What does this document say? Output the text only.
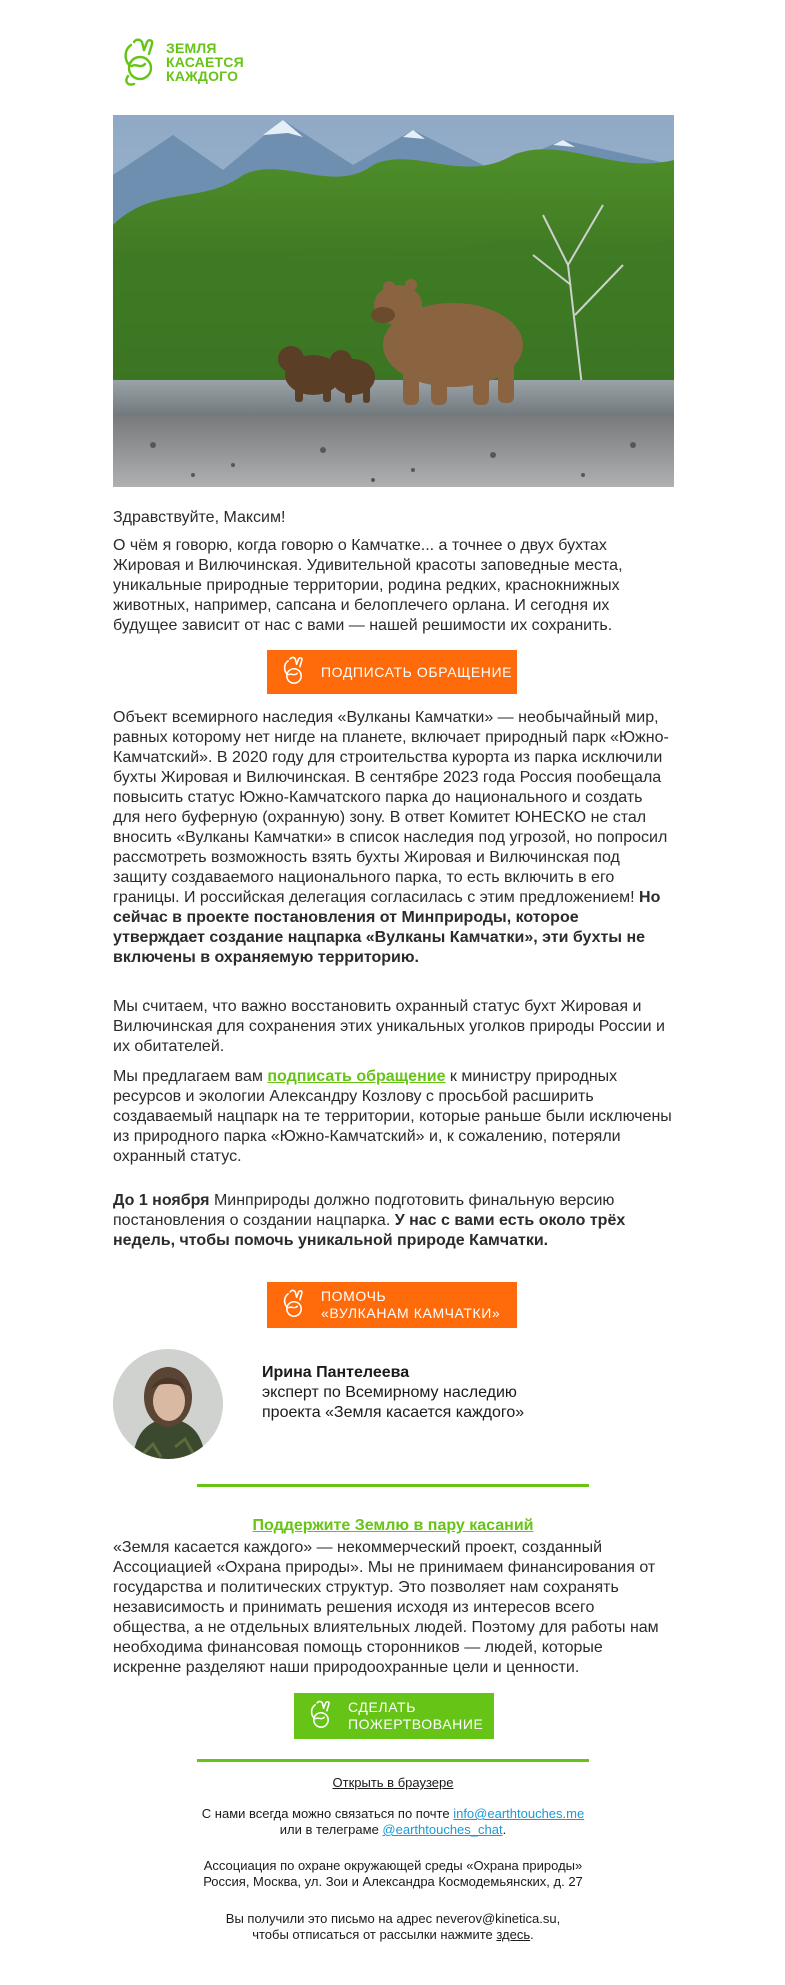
ЗЕМЛЯ
КАСАЕТСЯ
КАЖДОГО
Здравствуйте, Максим!
О чём я говорю, когда говорю о Камчатке... а точнее о двух бухтах Жировая и Вилючинская. Удивительной красоты заповедные места, уникальные природные территории, родина редких, краснокнижных животных, например, сапсана и белоплечего орлана. И сегодня их будущее зависит от нас с вами — нашей решимости их сохранить.
ПОДПИСАТЬ ОБРАЩЕНИЕ
Объект всемирного наследия «Вулканы Камчатки» — необычайный мир, равных которому нет нигде на планете, включает природный парк «Южно-Камчатский». В 2020 году для строительства курорта из парка исключили бухты Жировая и Вилючинская. В сентябре 2023 года Россия пообещала повысить статус Южно-Камчатского парка до национального и создать для него буферную (охранную) зону. В ответ Комитет ЮНЕСКО не стал вносить «Вулканы Камчатки» в список наследия под угрозой, но попросил рассмотреть возможность взять бухты Жировая и Вилючинская под защиту создаваемого национального парка, то есть включить в его границы. И российская делегация согласилась с этим предложением! Но сейчас в проекте постановления от Минприроды, которое утверждает создание нацпарка «Вулканы Камчатки», эти бухты не включены в охраняемую территорию.
Мы считаем, что важно восстановить охранный статус бухт Жировая и Вилючинская для сохранения этих уникальных уголков природы России и их обитателей.
Мы предлагаем вам подписать обращение к министру природных ресурсов и экологии Александру Козлову с просьбой расширить создаваемый нацпарк на те территории, которые раньше были исключены из природного парка «Южно-Камчатский» и, к сожалению, потеряли охранный статус.
До 1 ноября Минприроды должно подготовить финальную версию постановления о создании нацпарка. У нас с вами есть около трёх недель, чтобы помочь уникальной природе Камчатки.
ПОМОЧЬ
«ВУЛКАНАМ КАМЧАТКИ»
Ирина Пантелеева
эксперт по Всемирному наследию
проекта «Земля касается каждого»
Поддержите Землю в пару касаний
«Земля касается каждого» — некоммерческий проект, созданный Ассоциацией «Охрана природы». Мы не принимаем финансирования от государства и политических структур. Это позволяет нам сохранять независимость и принимать решения исходя из интересов всего общества, а не отдельных влиятельных людей. Поэтому для работы нам необходима финансовая помощь сторонников — людей, которые искренне разделяют наши природоохранные цели и ценности.
СДЕЛАТЬ
ПОЖЕРТВОВАНИЕ
Открыть в браузере
С нами всегда можно связаться по почте info@earthtouches.me
или в телеграме @earthtouches_chat.
Ассоциация по охране окружающей среды «Охрана природы»
Россия, Москва, ул. Зои и Александра Космодемьянских, д. 27
Вы получили это письмо на адрес neverov@kinetica.su,
чтобы отписаться от рассылки нажмите здесь.
